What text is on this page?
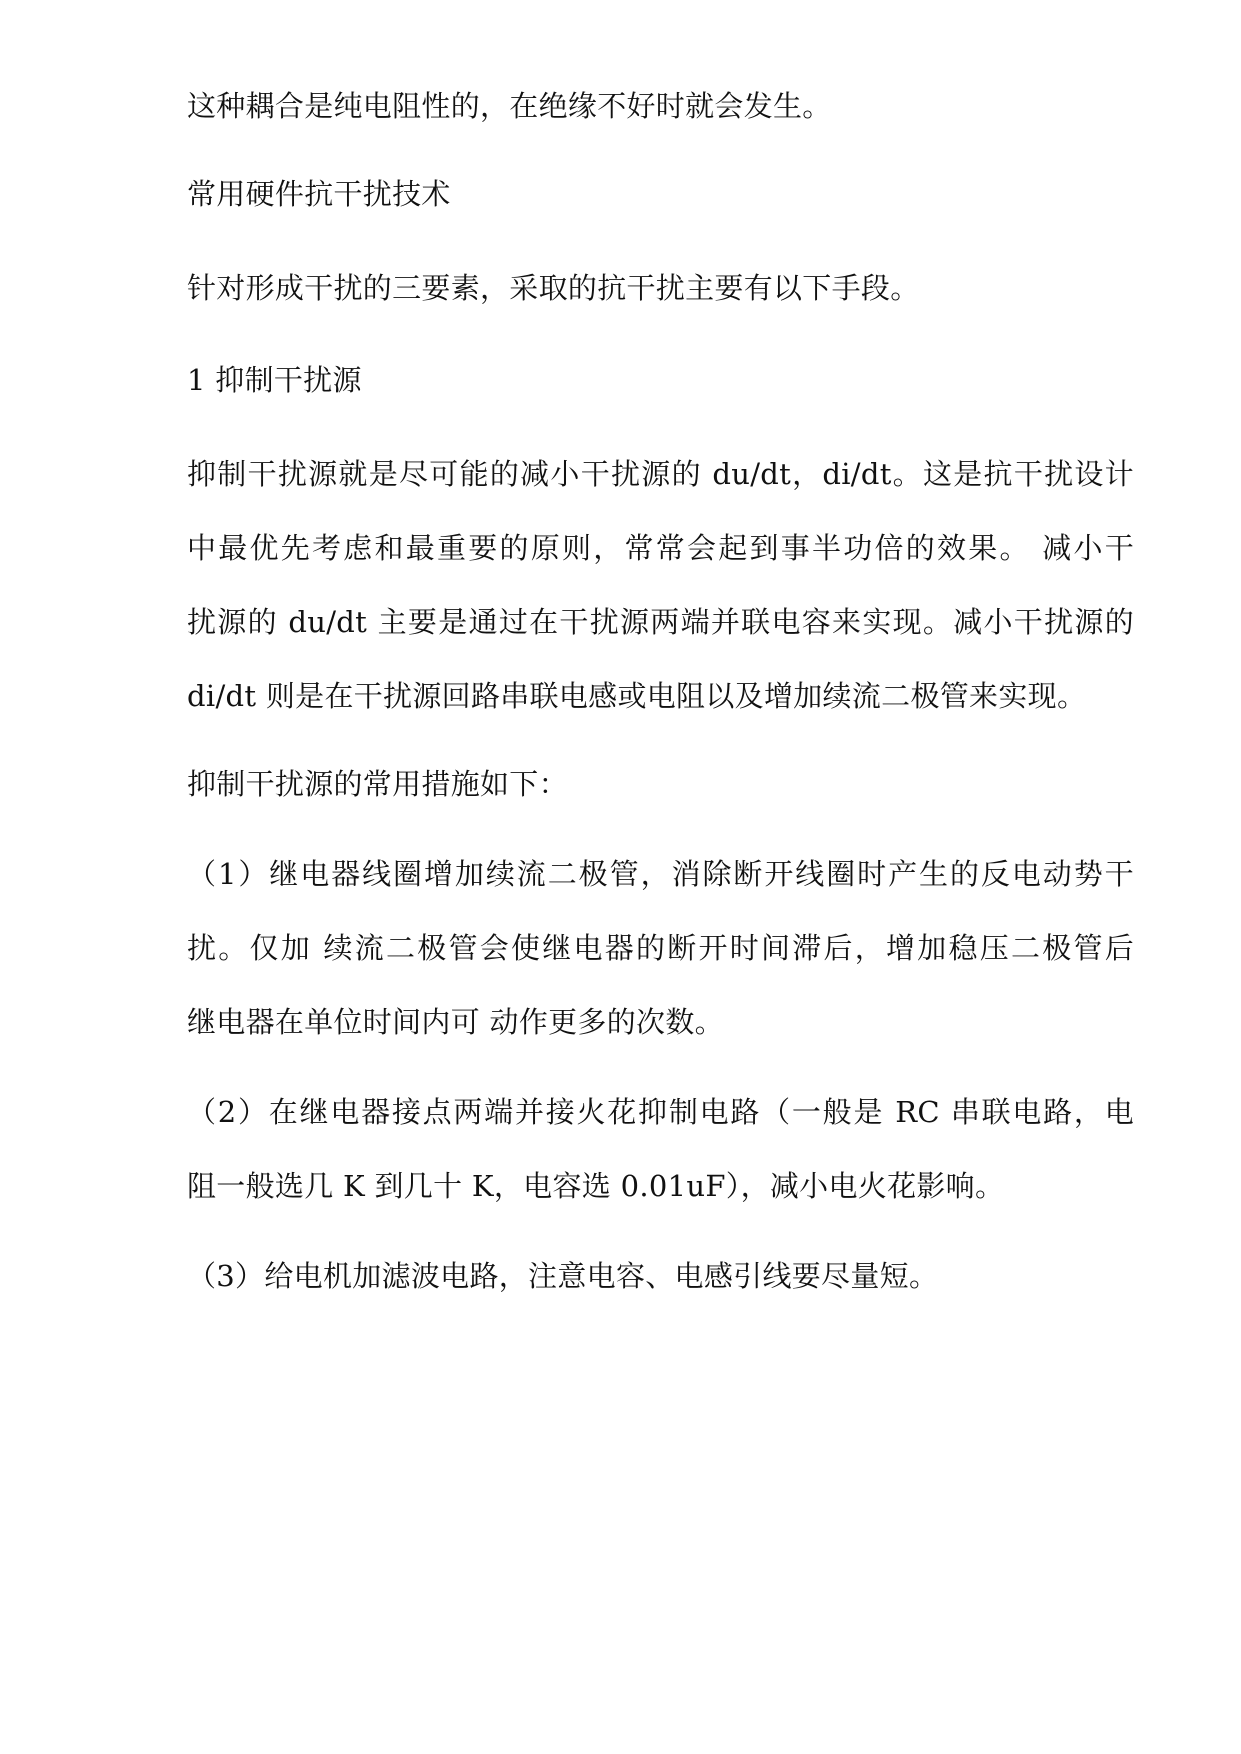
这种耦合是纯电阻性的，在绝缘不好时就会发生。

常用硬件抗干扰技术

针对形成干扰的三要素，采取的抗干扰主要有以下手段。

1 抑制干扰源

抑制干扰源就是尽可能的减小干扰源的 du/dt，di/dt。这是抗干扰设计

中最优先考虑和最重要的原则，常常会起到事半功倍的效果。 减小干

扰源的 du/dt 主要是通过在干扰源两端并联电容来实现。减小干扰源的

di/dt 则是在干扰源回路串联电感或电阻以及增加续流二极管来实现。

抑制干扰源的常用措施如下：

（1）继电器线圈增加续流二极管，消除断开线圈时产生的反电动势干

扰。仅加 续流二极管会使继电器的断开时间滞后，增加稳压二极管后

继电器在单位时间内可 动作更多的次数。

（2）在继电器接点两端并接火花抑制电路（一般是 RC 串联电路，电

阻一般选几 K 到几十 K，电容选 0.01uF），减小电火花影响。

（3）给电机加滤波电路，注意电容、电感引线要尽量短。
